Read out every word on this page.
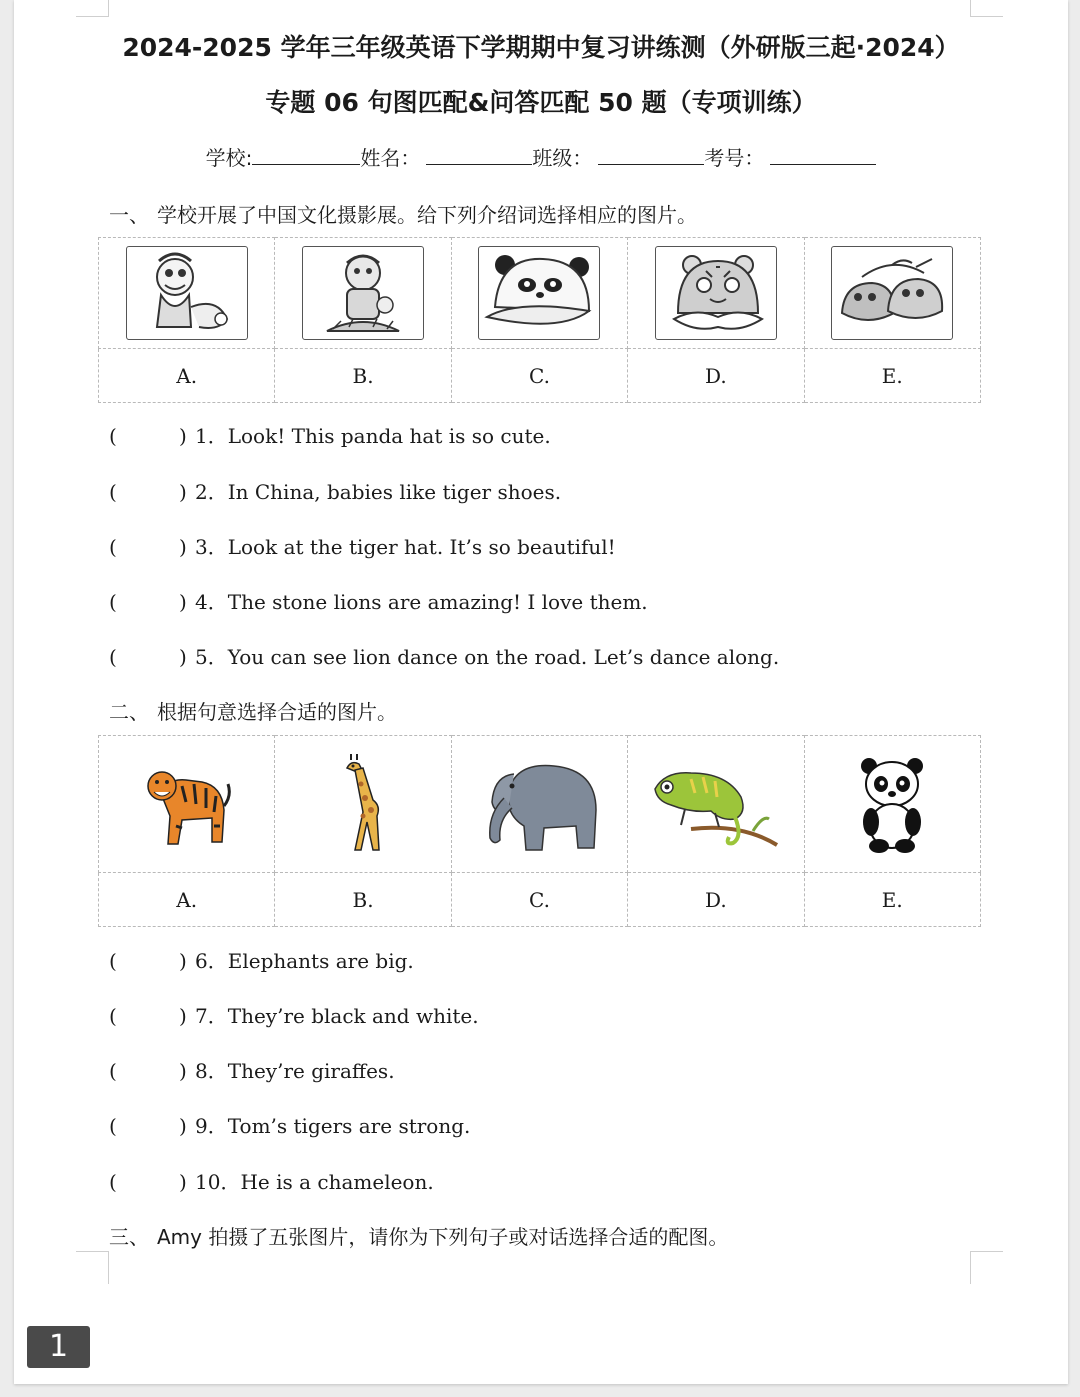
2024-2025 学年三年级英语下学期期中复习讲练测（外研版三起·2024）
专题 06 句图匹配&问答匹配 50 题（专项训练）
学校:	姓名：	班级：	考号：
一、 学校开展了中国文化摄影展。给下列介绍词选择相应的图片。

A.	B.	C.	D.	E.
(	) 1．Look! This panda hat is so cute.
(	) 2．In China, babies like tiger shoes.
(	) 3．Look at the tiger hat. It’s so beautiful!
(	) 4．The stone lions are amazing! I love them.
(	) 5．You can see lion dance on the road. Let’s dance along.
二、 根据句意选择合适的图片。

A.	B.	C.	D.	E.
(	) 6．Elephants are big.
(	) 7．They’re black and white.
(	) 8．They’re giraffes.
(	) 9．Tom’s tigers are strong.
(	) 10．He is a chameleon.
三、 Amy 拍摄了五张图片，请你为下列句子或对话选择合适的配图。
1
